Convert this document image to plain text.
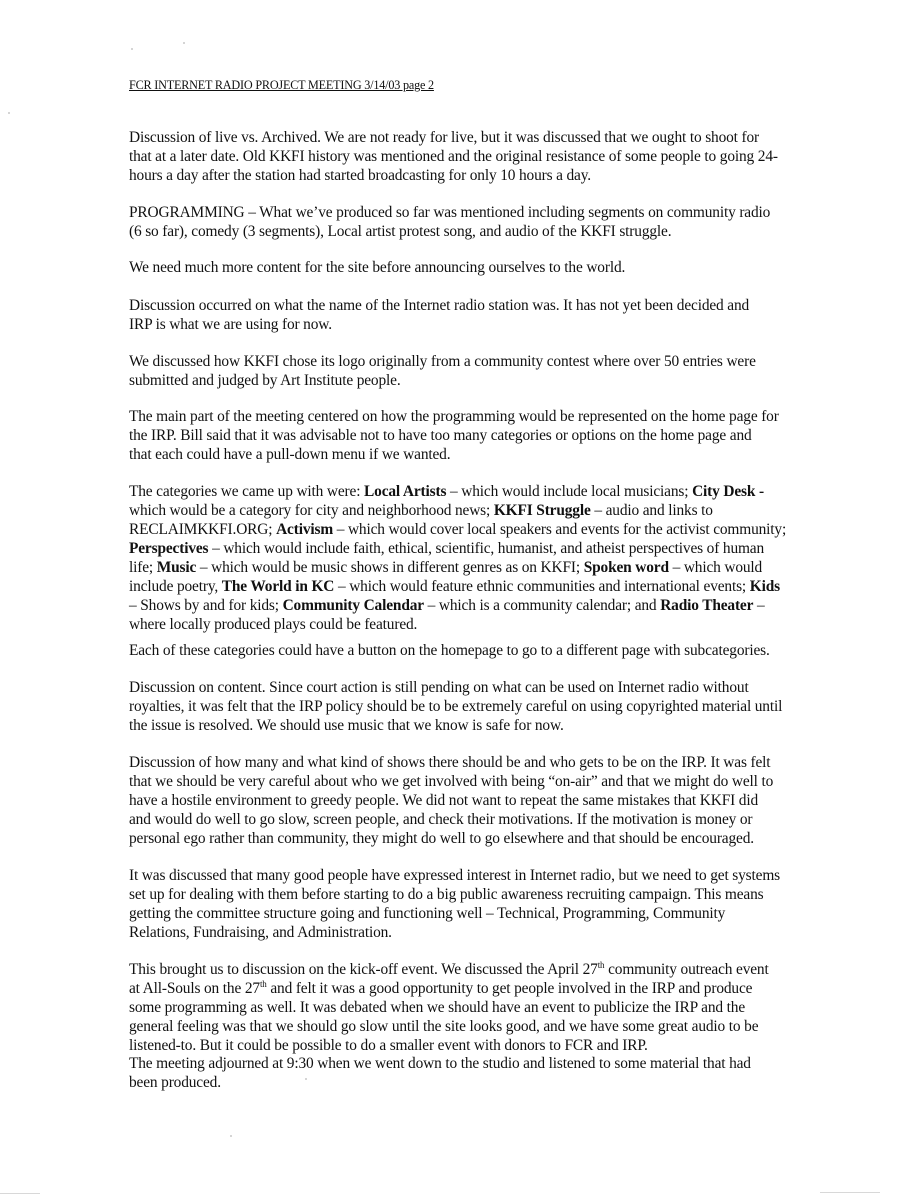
FCR INTERNET RADIO PROJECT MEETING 3/14/03 page 2
Discussion of live vs. Archived. We are not ready for live, but it was discussed that we ought to shoot for
that at a later date. Old KKFI history was mentioned and the original resistance of some people to going 24-
hours a day after the station had started broadcasting for only 10 hours a day.
PROGRAMMING – What we’ve produced so far was mentioned including segments on community radio
(6 so far), comedy (3 segments), Local artist protest song, and audio of the KKFI struggle.
We need much more content for the site before announcing ourselves to the world.
Discussion occurred on what the name of the Internet radio station was. It has not yet been decided and
IRP is what we are using for now.
We discussed how KKFI chose its logo originally from a community contest where over 50 entries were
submitted and judged by Art Institute people.
The main part of the meeting centered on how the programming would be represented on the home page for
the IRP. Bill said that it was advisable not to have too many categories or options on the home page and
that each could have a pull-down menu if we wanted.
The categories we came up with were: Local Artists – which would include local musicians; City Desk -
which would be a category for city and neighborhood news; KKFI Struggle – audio and links to
RECLAIMKKFI.ORG; Activism – which would cover local speakers and events for the activist community;
Perspectives – which would include faith, ethical, scientific, humanist, and atheist perspectives of human
life; Music – which would be music shows in different genres as on KKFI; Spoken word – which would
include poetry, The World in KC – which would feature ethnic communities and international events; Kids
– Shows by and for kids; Community Calendar – which is a community calendar; and Radio Theater –
where locally produced plays could be featured.
Each of these categories could have a button on the homepage to go to a different page with subcategories.
Discussion on content. Since court action is still pending on what can be used on Internet radio without
royalties, it was felt that the IRP policy should be to be extremely careful on using copyrighted material until
the issue is resolved. We should use music that we know is safe for now.
Discussion of how many and what kind of shows there should be and who gets to be on the IRP. It was felt
that we should be very careful about who we get involved with being “on-air” and that we might do well to
have a hostile environment to greedy people. We did not want to repeat the same mistakes that KKFI did
and would do well to go slow, screen people, and check their motivations. If the motivation is money or
personal ego rather than community, they might do well to go elsewhere and that should be encouraged.
It was discussed that many good people have expressed interest in Internet radio, but we need to get systems
set up for dealing with them before starting to do a big public awareness recruiting campaign. This means
getting the committee structure going and functioning well – Technical, Programming, Community
Relations, Fundraising, and Administration.
This brought us to discussion on the kick-off event. We discussed the April 27th community outreach event
at All-Souls on the 27th and felt it was a good opportunity to get people involved in the IRP and produce
some programming as well. It was debated when we should have an event to publicize the IRP and the
general feeling was that we should go slow until the site looks good, and we have some great audio to be
listened-to. But it could be possible to do a smaller event with donors to FCR and IRP.
The meeting adjourned at 9:30 when we went down to the studio and listened to some material that had
been produced.
